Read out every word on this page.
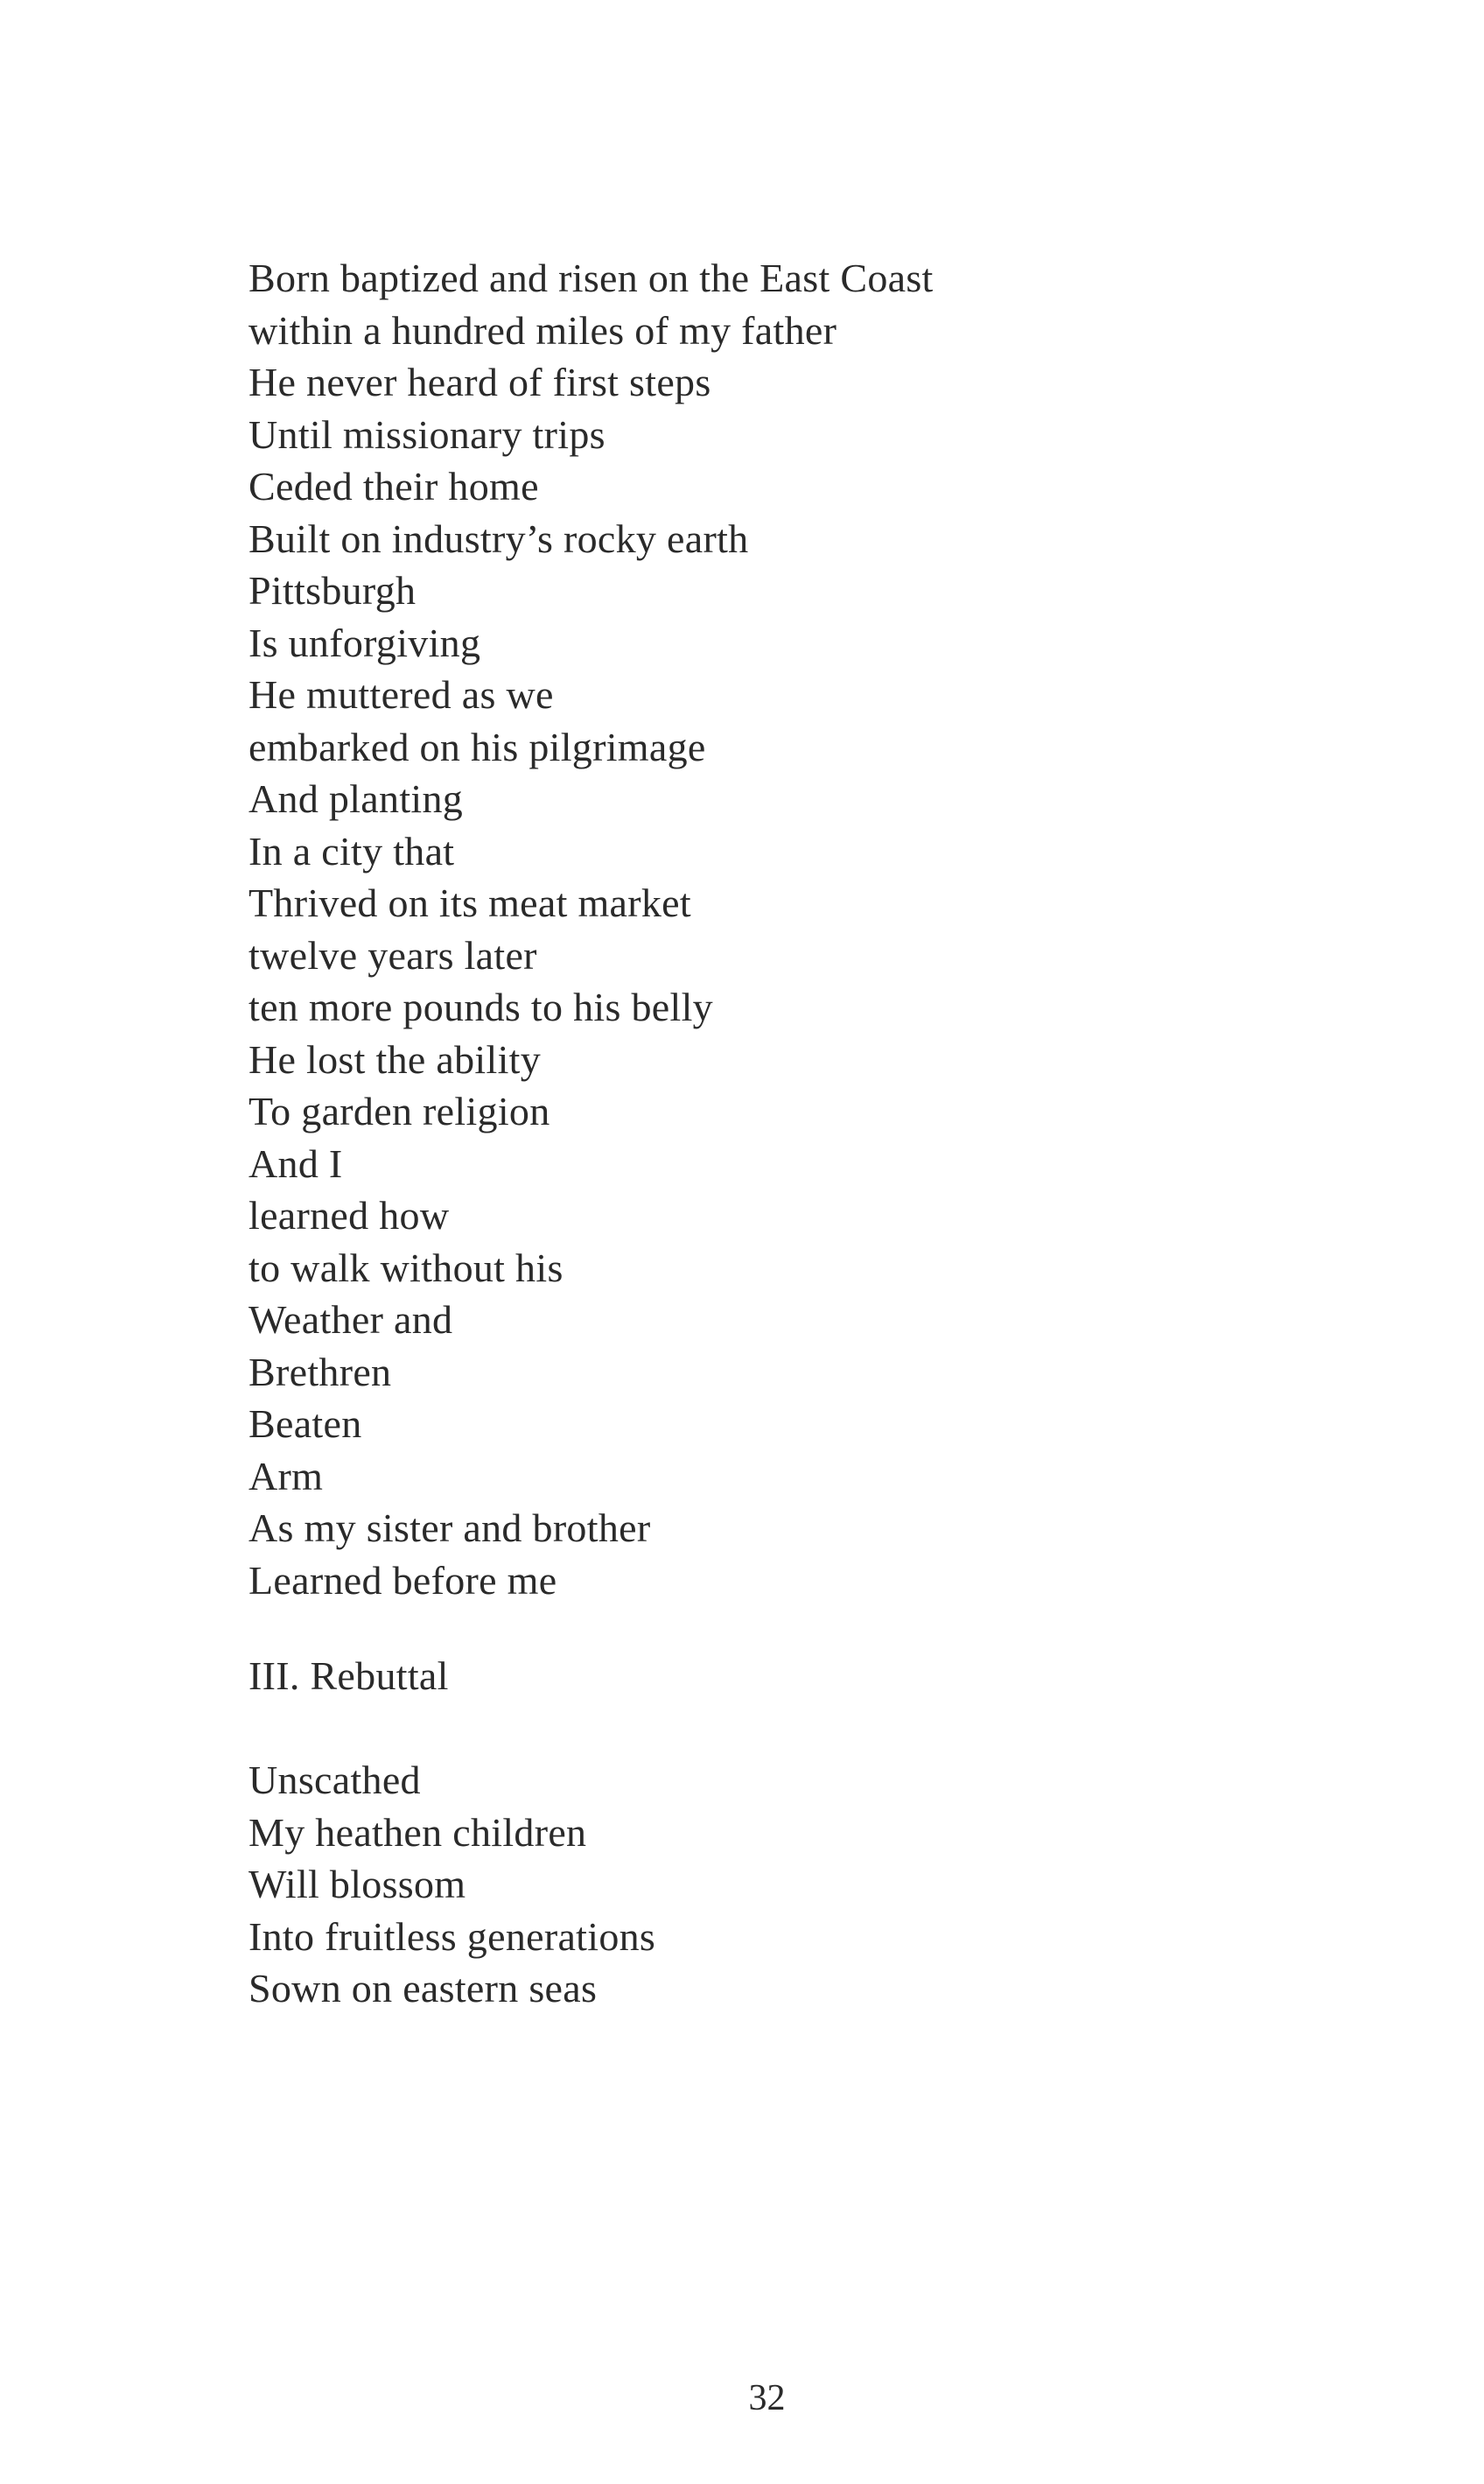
Born baptized and risen on the East Coast
within a hundred miles of my father
He never heard of first steps
Until missionary trips
Ceded their home
Built on industry’s rocky earth
Pittsburgh
Is unforgiving
He muttered as we
embarked on his pilgrimage
And planting
In a city that
Thrived on its meat market
twelve years later
ten more pounds to his belly
He lost the ability
To garden religion
And I
learned how
to walk without his
Weather and
Brethren
Beaten
Arm
As my sister and brother
Learned before me
III. Rebuttal
Unscathed
My heathen children
Will blossom
Into fruitless generations
Sown on eastern seas
32
